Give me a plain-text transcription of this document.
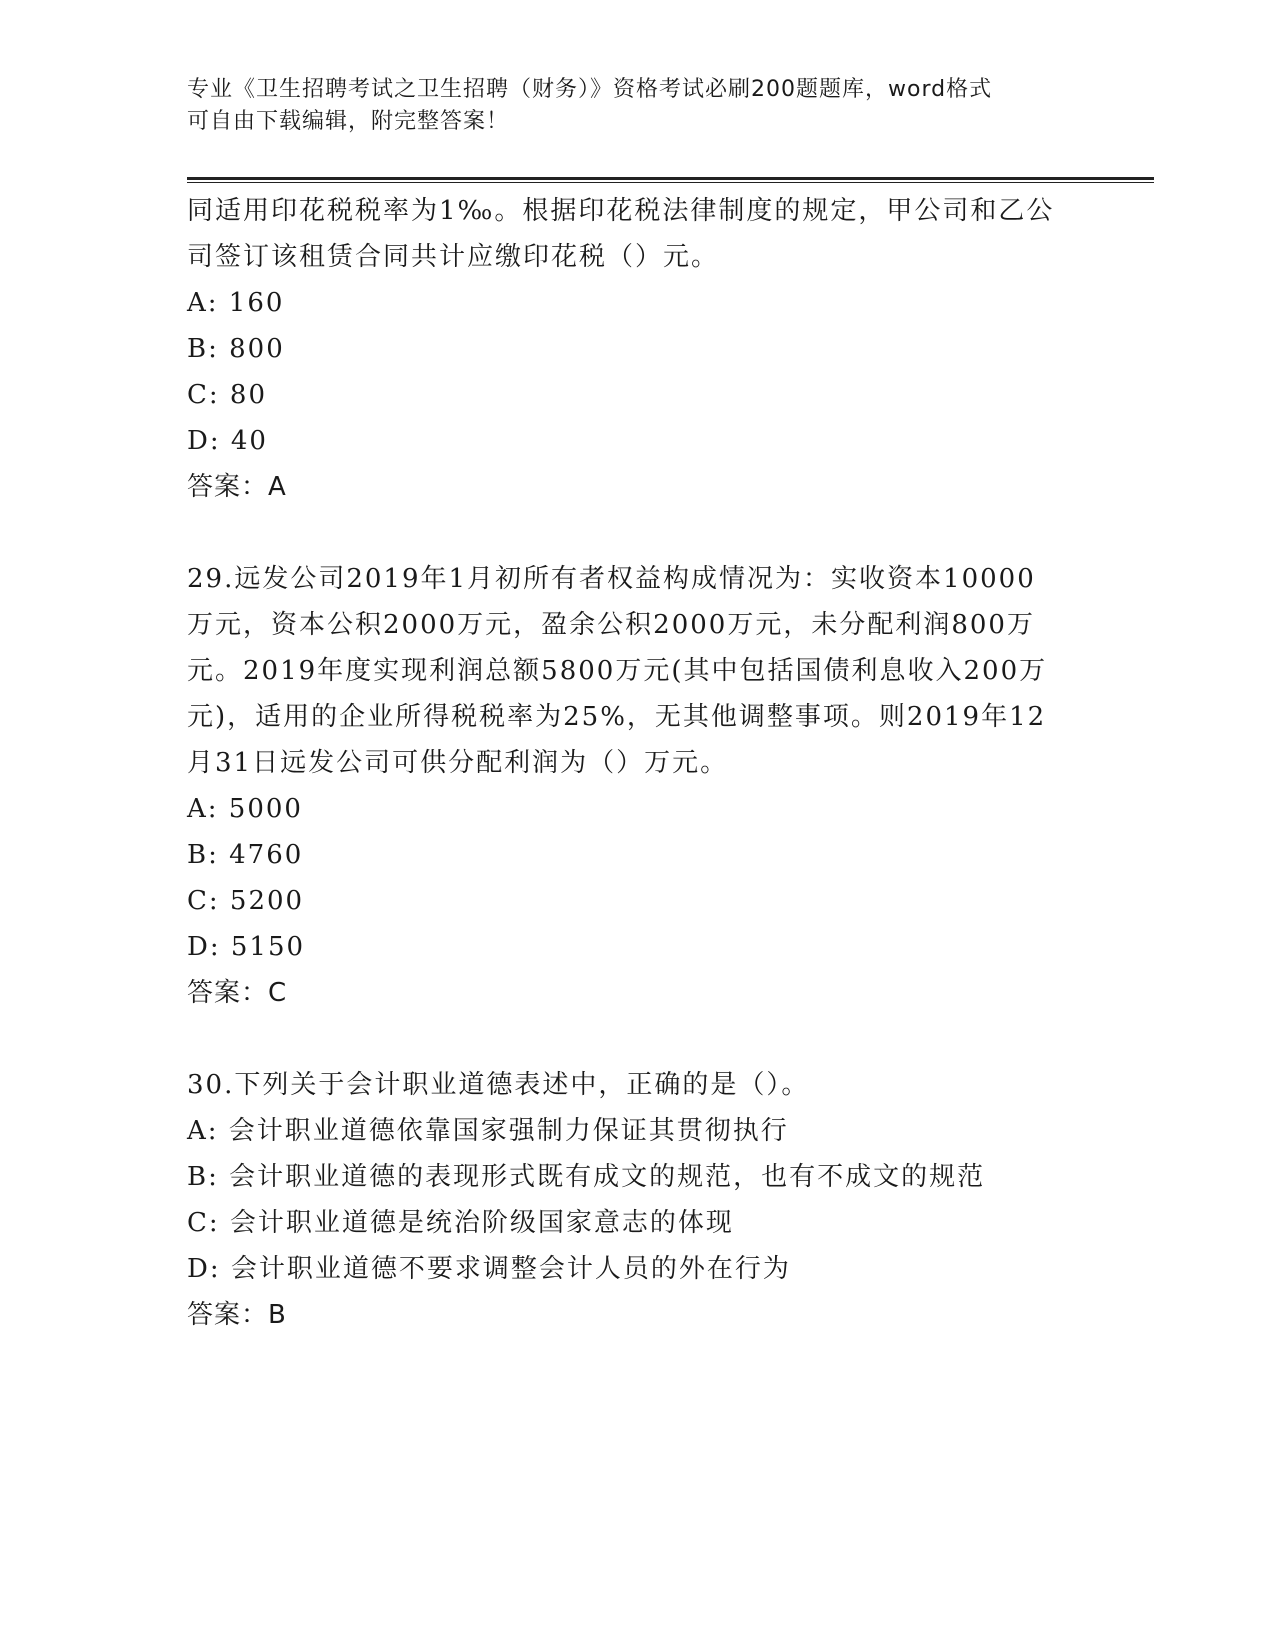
专业《卫生招聘考试之卫生招聘（财务）》资格考试必刷200题题库，word格式
可自由下载编辑，附完整答案！
同适用印花税税率为1‰。根据印花税法律制度的规定，甲公司和乙公
司签订该租赁合同共计应缴印花税（）元。
A: 160
B: 800
C: 80
D: 40
答案：A
29.远发公司2019年1月初所有者权益构成情况为：实收资本10000
万元，资本公积2000万元，盈余公积2000万元，未分配利润800万
元。2019年度实现利润总额5800万元(其中包括国债利息收入200万
元)，适用的企业所得税税率为25%，无其他调整事项。则2019年12
月31日远发公司可供分配利润为（）万元。
A: 5000
B: 4760
C: 5200
D: 5150
答案：C
30.下列关于会计职业道德表述中，正确的是（）。
A: 会计职业道德依靠国家强制力保证其贯彻执行
B: 会计职业道德的表现形式既有成文的规范，也有不成文的规范
C: 会计职业道德是统治阶级国家意志的体现
D: 会计职业道德不要求调整会计人员的外在行为
答案：B
